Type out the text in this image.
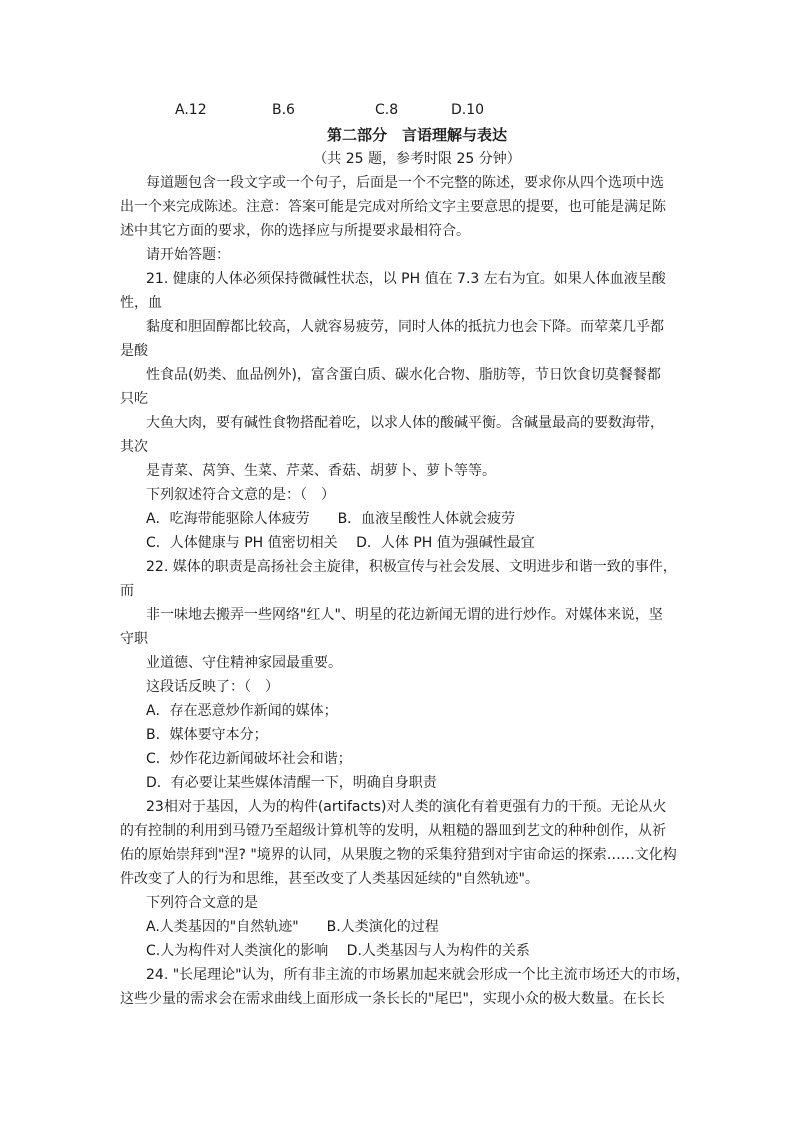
A.12	B.6	C.8	D.10
第二部分　言语理解与表达
（共 25 题，参考时限 25 分钟）
每道题包含一段文字或一个句子，后面是一个不完整的陈述，要求你从四个选项中选
出一个来完成陈述。注意：答案可能是完成对所给文字主要意思的提要，也可能是满足陈
述中其它方面的要求，你的选择应与所提要求最相符合。
请开始答题：
21. 健康的人体必须保持微碱性状态，以 PH 值在 7.3 左右为宜。如果人体血液呈酸
性，血
黏度和胆固醇都比较高，人就容易疲劳，同时人体的抵抗力也会下降。而荤菜几乎都
是酸
性食品(奶类、血品例外)，富含蛋白质、碳水化合物、脂肪等，节日饮食切莫餐餐都
只吃
大鱼大肉，要有碱性食物搭配着吃，以求人体的酸碱平衡。含碱量最高的要数海带，
其次
是青菜、莴笋、生菜、芹菜、香菇、胡萝卜、萝卜等等。
下列叙述符合文意的是：（　）
A．吃海带能驱除人体疲劳　　B．血液呈酸性人体就会疲劳
C．人体健康与 PH 值密切相关　 D．人体 PH 值为强碱性最宜
22. 媒体的职责是高扬社会主旋律，积极宣传与社会发展、文明进步和谐一致的事件，
而
非一味地去搬弄一些网络"红人"、明星的花边新闻无谓的进行炒作。对媒体来说，坚
守职
业道德、守住精神家园最重要。
这段话反映了：（　）
A．存在恶意炒作新闻的媒体；
B．媒体要守本分；
C．炒作花边新闻破坏社会和谐；
D．有必要让某些媒体清醒一下，明确自身职责
23相对于基因，人为的构件(artifacts)对人类的演化有着更强有力的干预。无论从火
的有控制的利用到马镫乃至超级计算机等的发明，从粗糙的器皿到艺文的种种创作，从祈
佑的原始崇拜到"涅? "境界的认同，从果腹之物的采集狩猎到对宇宙命运的探索……文化构
件改变了人的行为和思维，甚至改变了人类基因延续的"自然轨迹"。
下列符合文意的是
A.人类基因的"自然轨迹"　　B.人类演化的过程
C.人为构件对人类演化的影响　 D.人类基因与人为构件的关系
24. "长尾理论"认为，所有非主流的市场累加起来就会形成一个比主流市场还大的市场，
这些少量的需求会在需求曲线上面形成一条长长的"尾巴"，实现小众的极大数量。在长长
